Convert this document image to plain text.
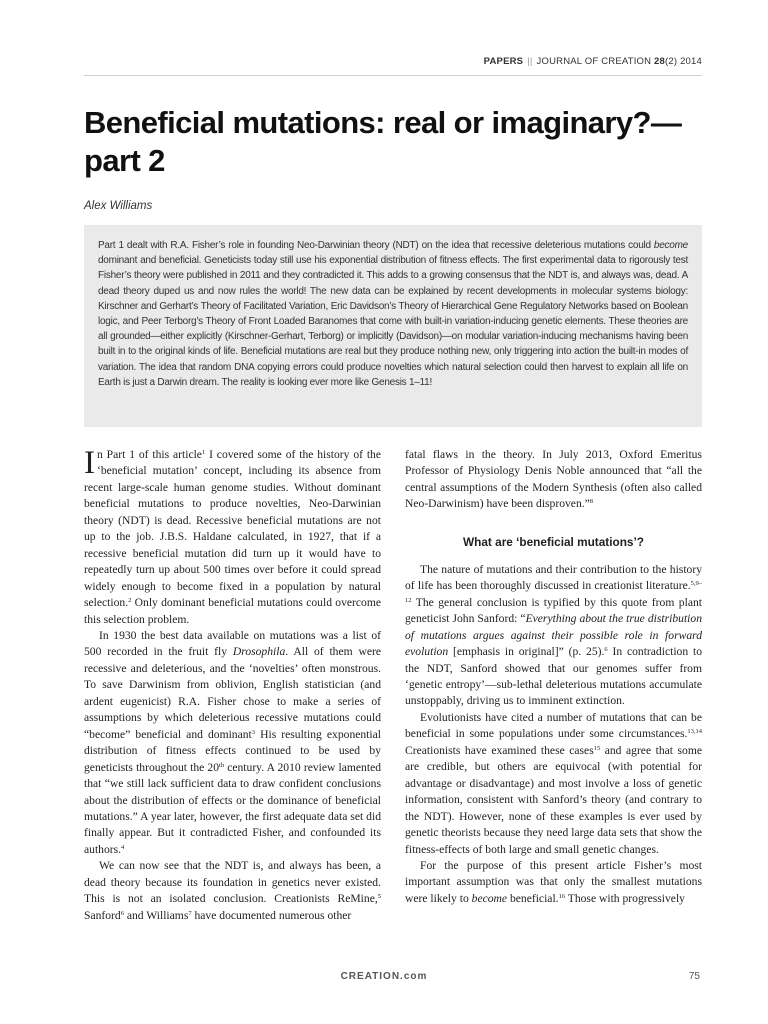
PAPERS || JOURNAL OF CREATION 28(2) 2014
Beneficial mutations: real or imaginary?—part 2

Alex Williams

Part 1 dealt with R.A. Fisher’s role in founding Neo-Darwinian theory (NDT) on the idea that recessive deleterious mutations could become dominant and beneficial. Geneticists today still use his exponential distribution of fitness effects. The first experimental data to rigorously test Fisher’s theory were published in 2011 and they contradicted it. This adds to a growing consensus that the NDT is, and always was, dead. A dead theory duped us and now rules the world! The new data can be explained by recent developments in molecular systems biology: Kirschner and Gerhart’s Theory of Facilitated Variation, Eric Davidson’s Theory of Hierarchical Gene Regulatory Networks based on Boolean logic, and Peer Terborg’s Theory of Front Loaded Baranomes that come with built-in variation-inducing genetic elements. These theories are all grounded—either explicitly (Kirschner-Gerhart, Terborg) or implicitly (Davidson)—on modular variation-inducing mechanisms having been built in to the original kinds of life. Beneficial mutations are real but they produce nothing new, only triggering into action the built-in modes of variation. The idea that random DNA copying errors could produce novelties which natural selection could then harvest to explain all life on Earth is just a Darwin dream. The reality is looking ever more like Genesis 1–11!

In Part 1 of this article$^1$ I covered some of the history of the ‘beneficial mutation’ concept, including its absence from recent large-scale human genome studies. Without dominant beneficial mutations to produce novelties, Neo-Darwinian theory (NDT) is dead. Recessive beneficial mutations are not up to the job. J.B.S. Haldane calculated, in 1927, that if a recessive beneficial mutation did turn up it would have to repeatedly turn up about 500 times over before it could spread widely enough to become fixed in a population by natural selection.$^2$ Only dominant beneficial mutations could overcome this selection problem.

In 1930 the best data available on mutations was a list of 500 recorded in the fruit fly Drosophila. All of them were recessive and deleterious, and the ‘novelties’ often monstrous. To save Darwinism from oblivion, English statistician (and ardent eugenicist) R.A. Fisher chose to make a series of assumptions by which deleterious recessive mutations could “become” beneficial and dominant$^3$ His resulting exponential distribution of fitness effects continued to be used by geneticists throughout the 20th century. A 2010 review lamented that “we still lack sufficient data to draw confident conclusions about the distribution of effects or the dominance of beneficial mutations.” A year later, however, the first adequate data set did finally appear. But it contradicted Fisher, and confounded its authors.$^4$

We can now see that the NDT is, and always has been, a dead theory because its foundation in genetics never existed. This is not an isolated conclusion. Creationists ReMine,$^5$ Sanford$^6$ and Williams$^7$ have documented numerous other

fatal flaws in the theory. In July 2013, Oxford Emeritus Professor of Physiology Denis Noble announced that “all the central assumptions of the Modern Synthesis (often also called Neo-Darwinism) have been disproven.”$^8$

What are ‘beneficial mutations’?

The nature of mutations and their contribution to the history of life has been thoroughly discussed in creationist literature.$^{5,9-12}$ The general conclusion is typified by this quote from plant geneticist John Sanford: “Everything about the true distribution of mutations argues against their possible role in forward evolution [emphasis in original]” (p. 25).$^6$ In contradiction to the NDT, Sanford showed that our genomes suffer from ‘genetic entropy’—sub-lethal deleterious mutations accumulate unstoppably, driving us to imminent extinction.

Evolutionists have cited a number of mutations that can be beneficial in some populations under some circumstances.$^{13,14}$ Creationists have examined these cases$^{15}$ and agree that some are credible, but others are equivocal (with potential for advantage or disadvantage) and most involve a loss of genetic information, consistent with Sanford’s theory (and contrary to the NDT). However, none of these examples is ever used by genetic theorists because they need large data sets that show the fitness-effects of both large and small genetic changes.

For the purpose of this present article Fisher’s most important assumption was that only the smallest mutations were likely to become beneficial.$^{16}$ Those with progressively

CREATION.com	75
